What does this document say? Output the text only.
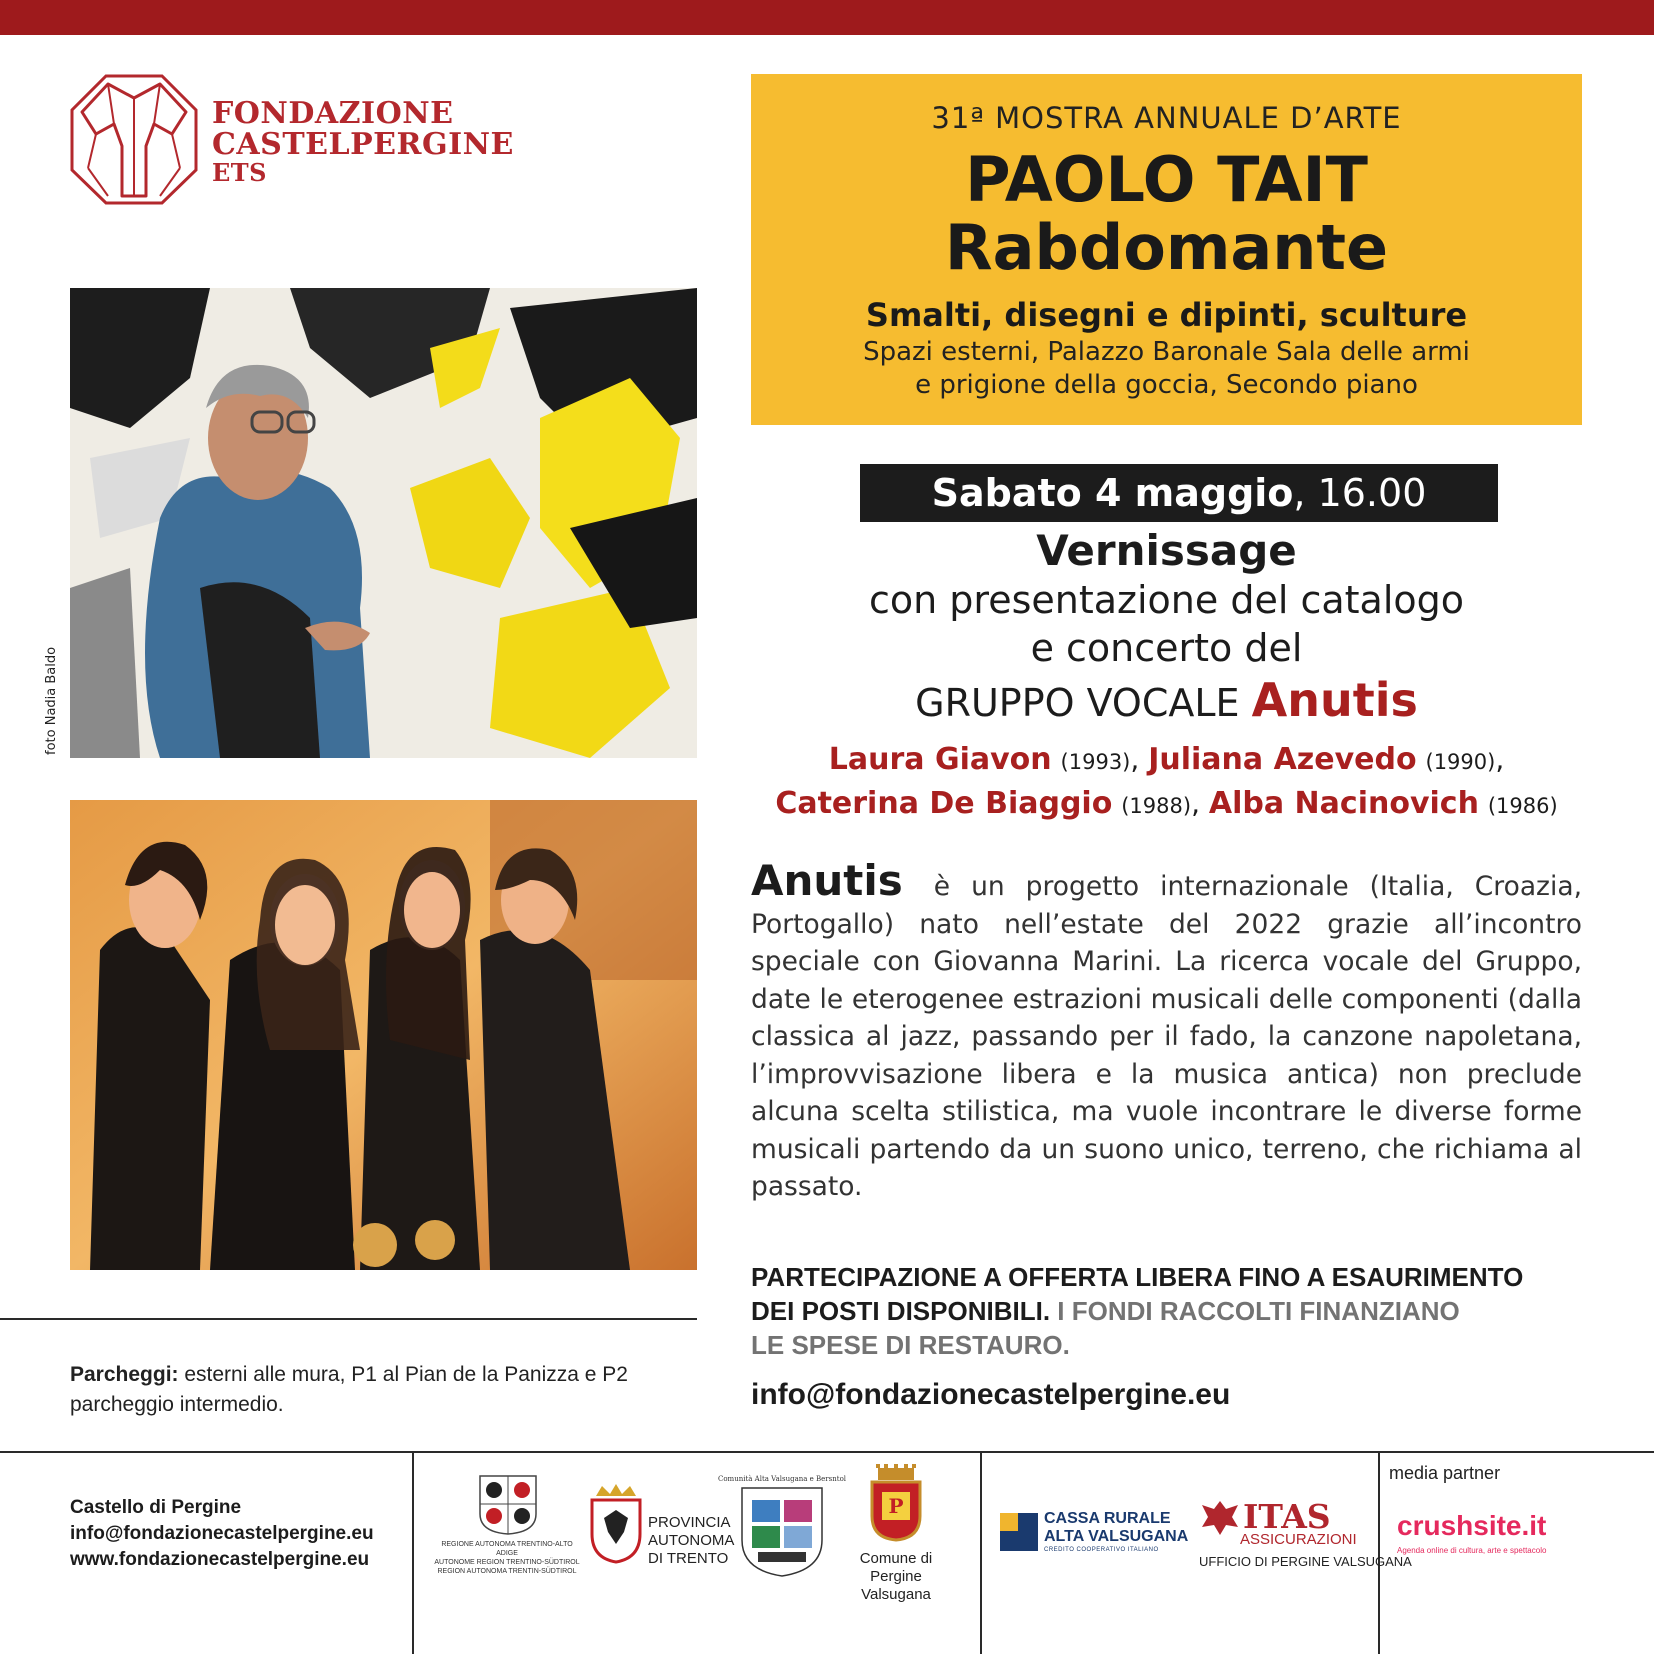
FONDAZIONE
CASTELPERGINE
ETS
foto Nadia Baldo
31ª MOSTRA ANNUALE D’ARTE
PAOLO TAIT
Rabdomante
Smalti, disegni e dipinti, sculture
Spazi esterni, Palazzo Baronale Sala delle armi
e prigione della goccia, Secondo piano
Sabato 4 maggio, 16.00
Vernissage
con presentazione del catalogo
e concerto del
GRUPPO VOCALE Anutis
Laura Giavon (1993), Juliana Azevedo (1990),
Caterina De Biaggio (1988), Alba Nacinovich (1986)
Anutis è un progetto internazionale (Italia, Croazia, Portogallo) nato nell’estate del 2022 grazie all’incontro speciale con Giovanna Marini. La ricerca vocale del Gruppo, date le eterogenee estrazioni musicali delle componenti (dalla classica al jazz, passando per il fado, la canzone napoletana, l’improvvisazione libera e la musica antica) non preclude alcuna scelta stilistica, ma vuole incontrare le diverse forme musicali partendo da un suono unico, terreno, che richiama al passato.
PARTECIPAZIONE A OFFERTA LIBERA FINO A ESAURIMENTO
DEI POSTI DISPONIBILI. I FONDI RACCOLTI FINANZIANO
LE SPESE DI RESTAURO.
info@fondazionecastelpergine.eu
Parcheggi: esterni alle mura, P1 al Pian de la Panizza e P2 parcheggio intermedio.
Castello di Pergine
info@fondazionecastelpergine.eu
www.fondazionecastelpergine.eu
REGIONE AUTONOMA TRENTINO-ALTO ADIGE
AUTONOME REGION TRENTINO-SÜDTIROL
REGION AUTONOMA TRENTIN-SÜDTIROL
PROVINCIA
AUTONOMA
DI TRENTO
Comunità Alta Valsugana e Bersntol
P
Comune di
Pergine Valsugana
CASSA RURALE
ALTA VALSUGANA
CREDITO COOPERATIVO ITALIANO
ITAS
ASSICURAZIONI
UFFICIO DI PERGINE VALSUGANA
media partner
crushsite.it
Agenda online di cultura, arte e spettacolo
